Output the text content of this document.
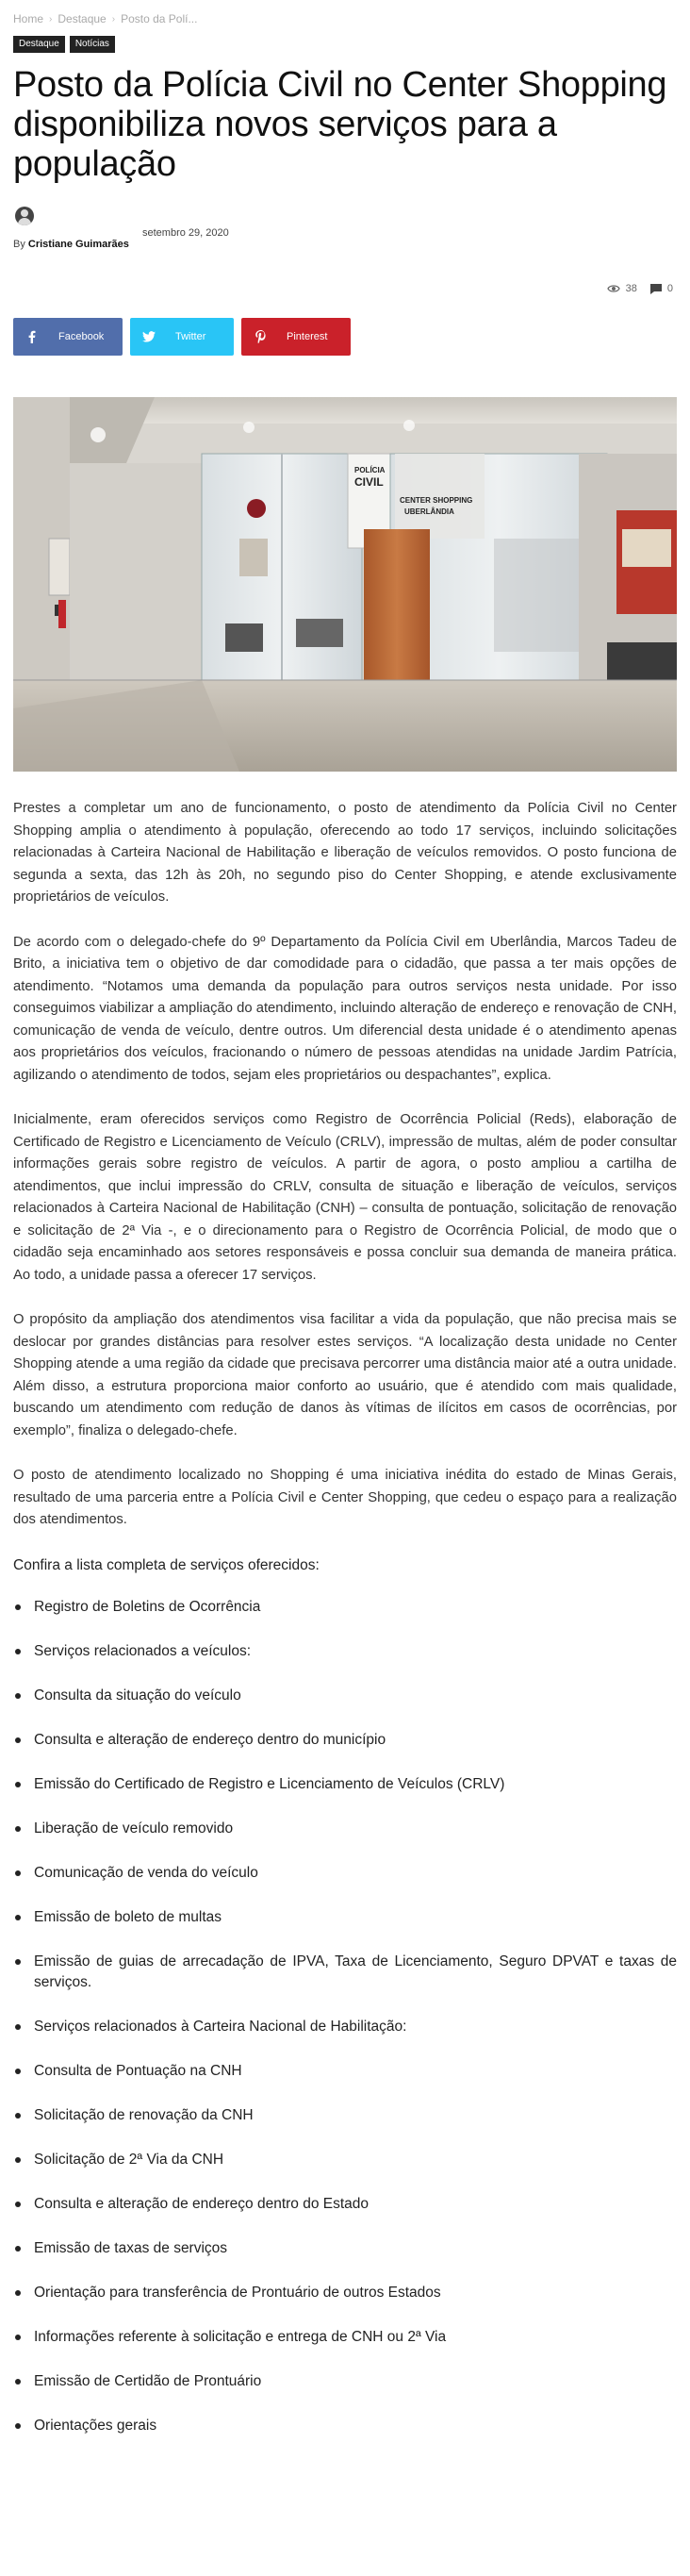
Home › Destaque › Posto da Polí...
Destaque	Notícias
Posto da Polícia Civil no Center Shopping disponibiliza novos serviços para a população
setembro 29, 2020
By Cristiane Guimarães
38	0
Facebook	Twitter	Pinterest
POLÍCIA
CIVIL
CENTER SHOPPING
UBERLÂNDIA

Prestes a completar um ano de funcionamento, o posto de atendimento da Polícia Civil no Center Shopping amplia o atendimento à população, oferecendo ao todo 17 serviços, incluindo solicitações relacionadas à Carteira Nacional de Habilitação e liberação de veículos removidos. O posto funciona de segunda a sexta, das 12h às 20h, no segundo piso do Center Shopping, e atende exclusivamente proprietários de veículos.

De acordo com o delegado-chefe do 9º Departamento da Polícia Civil em Uberlândia, Marcos Tadeu de Brito, a iniciativa tem o objetivo de dar comodidade para o cidadão, que passa a ter mais opções de atendimento. “Notamos uma demanda da população para outros serviços nesta unidade. Por isso conseguimos viabilizar a ampliação do atendimento, incluindo alteração de endereço e renovação de CNH, comunicação de venda de veículo, dentre outros. Um diferencial desta unidade é o atendimento apenas aos proprietários dos veículos, fracionando o número de pessoas atendidas na unidade Jardim Patrícia, agilizando o atendimento de todos, sejam eles proprietários ou despachantes”, explica.

Inicialmente, eram oferecidos serviços como Registro de Ocorrência Policial (Reds), elaboração de Certificado de Registro e Licenciamento de Veículo (CRLV), impressão de multas, além de poder consultar informações gerais sobre registro de veículos. A partir de agora, o posto ampliou a cartilha de atendimentos, que inclui impressão do CRLV, consulta de situação e liberação de veículos, serviços relacionados à Carteira Nacional de Habilitação (CNH) – consulta de pontuação, solicitação de renovação e solicitação de 2ª Via -, e o direcionamento para o Registro de Ocorrência Policial, de modo que o cidadão seja encaminhado aos setores responsáveis e possa concluir sua demanda de maneira prática. Ao todo, a unidade passa a oferecer 17 serviços.

O propósito da ampliação dos atendimentos visa facilitar a vida da população, que não precisa mais se deslocar por grandes distâncias para resolver estes serviços. “A localização desta unidade no Center Shopping atende a uma região da cidade que precisava percorrer uma distância maior até a outra unidade. Além disso, a estrutura proporciona maior conforto ao usuário, que é atendido com mais qualidade, buscando um atendimento com redução de danos às vítimas de ilícitos em casos de ocorrências, por exemplo”, finaliza o delegado-chefe.

O posto de atendimento localizado no Shopping é uma iniciativa inédita do estado de Minas Gerais, resultado de uma parceria entre a Polícia Civil e Center Shopping, que cedeu o espaço para a realização dos atendimentos.

Confira a lista completa de serviços oferecidos:
Registro de Boletins de Ocorrência
Serviços relacionados a veículos:
Consulta da situação do veículo
Consulta e alteração de endereço dentro do município
Emissão do Certificado de Registro e Licenciamento de Veículos (CRLV)
Liberação de veículo removido
Comunicação de venda do veículo
Emissão de boleto de multas
Emissão de guias de arrecadação de IPVA, Taxa de Licenciamento, Seguro DPVAT e taxas de serviços.
Serviços relacionados à Carteira Nacional de Habilitação:
Consulta de Pontuação na CNH
Solicitação de renovação da CNH
Solicitação de 2ª Via da CNH
Consulta e alteração de endereço dentro do Estado
Emissão de taxas de serviços
Orientação para transferência de Prontuário de outros Estados
Informações referente à solicitação e entrega de CNH ou 2ª Via
Emissão de Certidão de Prontuário
Orientações gerais
